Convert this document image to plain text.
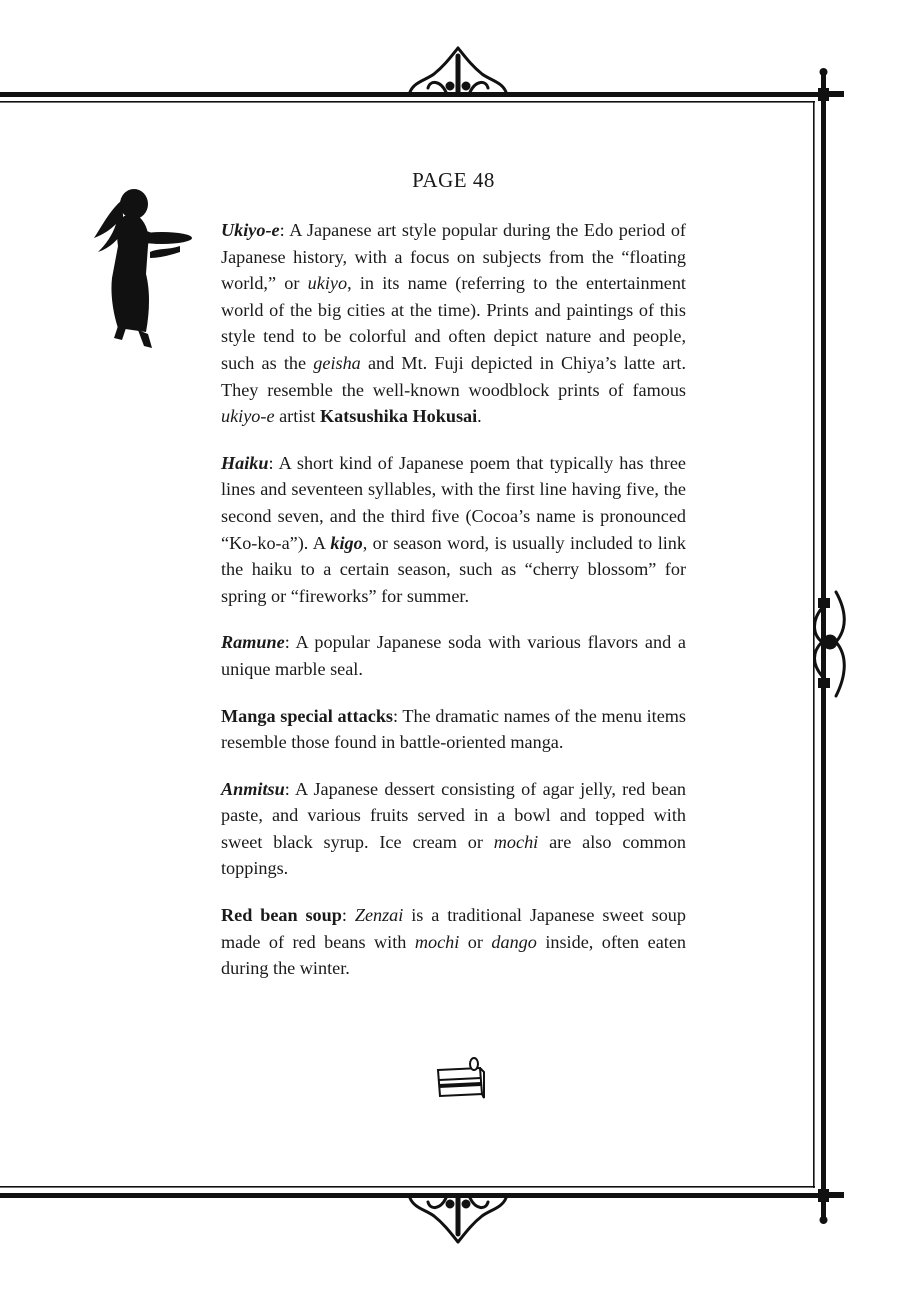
PAGE 48

Ukiyo-e: A Japanese art style popular during the Edo period of Japanese history, with a focus on subjects from the “floating world,” or ukiyo, in its name (referring to the entertainment world of the big cities at the time). Prints and paintings of this style tend to be colorful and often depict nature and people, such as the geisha and Mt. Fuji depicted in Chiya’s latte art. They resemble the well-known woodblock prints of famous ukiyo-e artist Katsushika Hokusai.

Haiku: A short kind of Japanese poem that typically has three lines and seventeen syllables, with the first line having five, the second seven, and the third five (Cocoa’s name is pronounced “Ko-ko-a”). A kigo, or season word, is usually included to link the haiku to a certain season, such as “cherry blossom” for spring or “fireworks” for summer.

Ramune: A popular Japanese soda with various flavors and a unique marble seal.

Manga special attacks: The dramatic names of the menu items resemble those found in battle-oriented manga.

Anmitsu: A Japanese dessert consisting of agar jelly, red bean paste, and various fruits served in a bowl and topped with sweet black syrup. Ice cream or mochi are also common toppings.

Red bean soup: Zenzai is a traditional Japanese sweet soup made of red beans with mochi or dango inside, often eaten during the winter.
